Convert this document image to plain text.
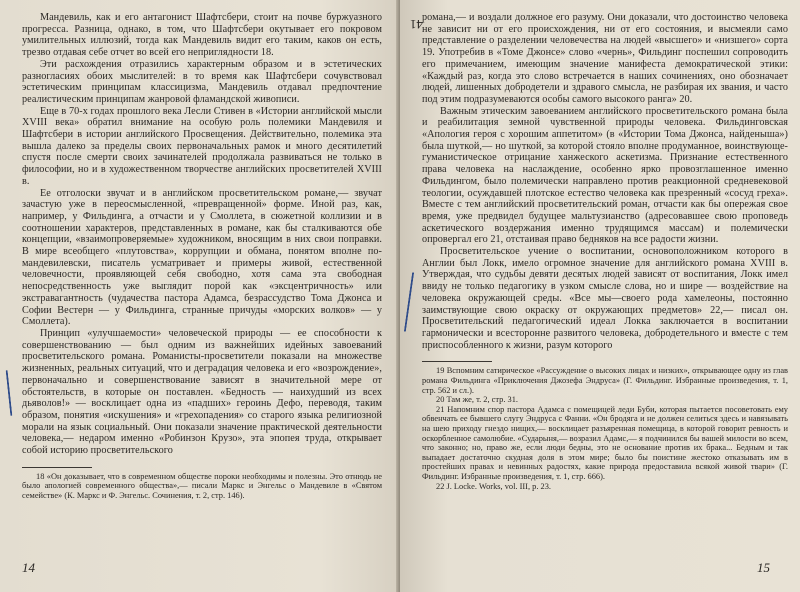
Мандевиль, как и его антагонист Шафтсбери, стоит на почве буржуазного прогресса. Разница, однако, в том, что Шафтсбери окутывает его покровом умилительных иллюзий, тогда как Мандевиль видит его таким, каков он есть, трезво отдавая себе отчет во всей его неприглядности 18.

Эти расхождения отразились характерным образом и в эстетических разногласиях обоих мыслителей: в то время как Шафтсбери сочувствовал эстетическим принципам классицизма, Мандевиль отдавал предпочтение реалистическим принципам жанровой фламандской живописи.

Еще в 70-х годах прошлого века Лесли Стивен в «Истории английской мысли XVIII века» обратил внимание на особую роль полемики Мандевиля и Шафтсбери в истории английского Просвещения. Действительно, полемика эта вышла далеко за пределы своих первоначальных рамок и много десятилетий спустя после смерти своих зачинателей продолжала развиваться не только в философии, но и в художественном творчестве английских просветителей XVIII в.

Ее отголоски звучат и в английском просветительском романе,— звучат зачастую уже в переосмысленной, «превращенной» форме. Иной раз, как, например, у Фильдинга, а отчасти и у Смоллета, в сюжетной коллизии и в соотношении характеров, представленных в романе, как бы сталкиваются обе концепции, «взаимопроверяемые» художником, вносящим в них свои поправки. В мире всеобщего «плутовства», коррупции и обмана, понятом вполне по-мандевилевски, писатель усматривает и примеры живой, естественной человечности, проявляющей себя свободно, хотя сама эта свободная непосредственность уже выглядит порой как «эксцентричность» или экстравагантность (чудачества пастора Адамса, безрассудство Тома Джонса и Софии Вестерн — у Фильдинга, странные причуды «морских волков» — у Смоллета).

Принцип «улучшаемости» человеческой природы — ее способности к совершенствованию — был одним из важнейших идейных завоеваний просветительского романа. Романисты-просветители показали на множестве жизненных, реальных ситуаций, что и деградация человека и его «возрождение», первоначально и совершенствование зависят в значительной мере от обстоятельств, в которые он поставлен. «Бедность — наихудший из всех дьяволов!» — восклицает одна из «падших» героинь Дефо, переводя, таким образом, понятия «искушения» и «грехопадения» со старого языка религиозной морали на язык социальный. Они показали значение практической деятельности человека,— недаром именно «Робинзон Крузо», эта эпопея труда, открывает собой историю просветительского

18 «Он доказывает, что в современном обществе пороки необходимы и полезны. Это отнюдь не было апологией современного общества»,— писали Маркс и Энгельс о Мандевиле в «Святом семействе» (К. Маркс и Ф. Энгельс. Сочинения, т. 2, стр. 146).

14
41 романа,— и воздали должное его разуму. Они доказали, что достоинство человека не зависит ни от его происхождения, ни от его состояния, и высмеяли само представление о разделении человечества на людей «высшего» и «низшего» сорта 19. Употребив в «Томе Джонсе» слово «чернь», Фильдинг поспешил сопроводить его примечанием, имеющим значение манифеста демократической этики: «Каждый раз, когда это слово встречается в наших сочинениях, оно обозначает людей, лишенных добродетели и здравого смысла, не разбирая их звания, и часто под этим подразумеваются особы самого высокого ранга» 20.

Важным этическим завоеванием английского просветительского романа была и реабилитация земной чувственной природы человека. Фильдинговская «Апология героя с хорошим аппетитом» (в «Истории Тома Джонса, найденыша») была шуткой,— но шуткой, за которой стояло вполне продуманное, воинствующе-гуманистическое отрицание ханжеского аскетизма. Признание естественного права человека на наслаждение, особенно ярко провозглашенное именно Фильдингом, было полемически направлено против реакционной средневековой теологии, осуждавшей плотское естество человека как презренный «сосуд греха». Вместе с тем английский просветительский роман, отчасти как бы опережая свое время, уже предвидел будущее мальтузианство (адресовавшее свою проповедь аскетического воздержания именно трудящимся массам) и полемически опровергал его 21, отстаивая право бедняков на все радости жизни.

Просветительское учение о воспитании, основоположником которого в Англии был Локк, имело огромное значение для английского романа XVIII в. Утверждая, что судьбы девяти десятых людей зависят от воспитания, Локк имел ввиду не только педагогику в узком смысле слова, но и шире — воздействие на человека окружающей среды. «Все мы—своего рода хамелеоны, постоянно заимствующие свою окраску от окружающих предметов» 22,— писал он. Просветительский педагогический идеал Локка заключается в воспитании гармонически и всесторонне развитого человека, добродетельного и вместе с тем приспособленного к жизни, разум которого

19 Вспомним сатирическое «Рассуждение о высоких лицах и низких», открывающее одну из глав романа Фильдинга «Приключения Джозефа Эндруса» (Г. Фильдинг. Избранные произведения, т. 1, стр. 562 и сл.).

20 Там же, т. 2, стр. 31.

21 Напомним спор пастора Адамса с помещицей леди Буби, которая пытается посоветовать ему обвенчать ее бывшего слугу Эндруса с Фанни. «Он бродяга и не должен селиться здесь и навязывать на шею приходу гнездо нищих,— восклицает разъяренная помещица, в которой говорит ревность и оскорбленное самолюбие. «Сударыня,— возразил Адамс,— я подчинился бы вашей милости во всем, что законно; но, право же, если люди бедны, это не основание против их брака... Бедным и так выпадает достаточно скудная доля в этом мире; было бы поистине жестоко отказывать им в простейших правах и невинных радостях, какие природа предоставила всякой живой твари» (Г. Фильдинг. Избранные произведения, т. 1, стр. 666).

22 J. Locke. Works, vol. III, p. 23.

15
